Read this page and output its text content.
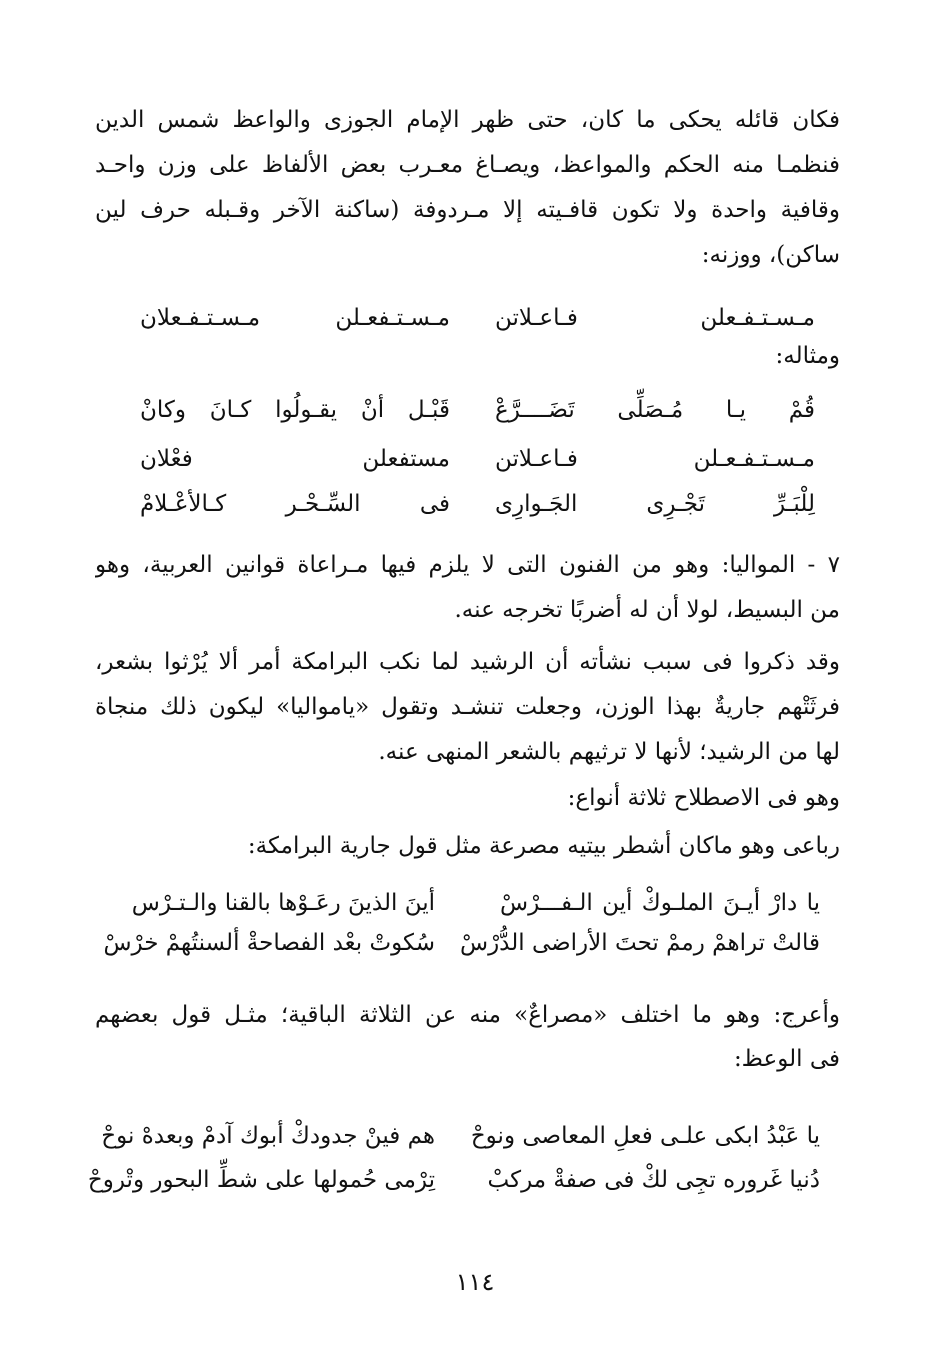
فكان قائله يحكى ما كان، حتى ظهر الإمام الجوزى والواعظ شمس الدين
فنظمـا منه الحكم والمواعظ، ويصـاغ معـرب بعض الألفاظ على وزن واحـد
وقافية واحدة ولا تكون قافـيته إلا مـردوفة (ساكنة الآخر وقـبله حرف لين
ساكن)، ووزنه:
مـسـتـفـعلن فـاعـلاتن
مـسـتـفعـلن مـسـتـفـعلان
ومثاله:
قُمْ يـا مُـصَلِّى تَضَــــرَّعْ
قَبْـل أنْ يقـولُوا كـانَ وكانْ
مـسـتـفـعـلن فـاعـلاتن
مستفعلن فعْلان
لِلْبَـرِّ تَجْـرِى الجَـوارِى
فى السِّـحْـر كـالأعْـلامْ
٧ - المواليا: وهو من الفنون التى لا يلزم فيها مـراعاة قوانين العربية، وهو
من البسيط، لولا أن له أضربًا تخرجه عنه.
وقد ذكروا فى سبب نشأته أن الرشيد لما نكب البرامكة أمر ألا يُرْثوا بشعر،
فرثَتْهم جاريةٌ بهذا الوزن، وجعلت تنشـد وتقول «يامواليا» ليكون ذلك منجاة
لها من الرشيد؛ لأنها لا ترثيهم بالشعر المنهى عنه.
وهو فى الاصطلاح ثلاثة أنواع:
رباعى وهو ماكان أشطر بيتيه مصرعة مثل قول جارية البرامكة:
يا دارْ أيـنَ الملـوكْ أين الـفـــرْسْ
أينَ الذينَ رعَـوْها بالقنا والـتـرْس
قالتْ تراهمْ رممْ تحتَ الأراضى الدُّرْسْ
سُكوتْ بعْد الفصاحةْ ألسنتُهمْ خرْسْ
وأعرج: وهو ما اختلف «مصراعٌ» منه عن الثلاثة الباقية؛ مثـل قول بعضهم
فى الوعظ:
يا عَبْدُ ابكى علـى فعلِ المعاصى ونوحْ
هم فينْ جدودكْ أبوك آدمْ وبعدهْ نوحْ
دُنيا غَروره تجِى لكْ فى صفةْ مركبْ
تِرْمى حُمولها على شطِّ البحور وتْروحْ
١١٤
